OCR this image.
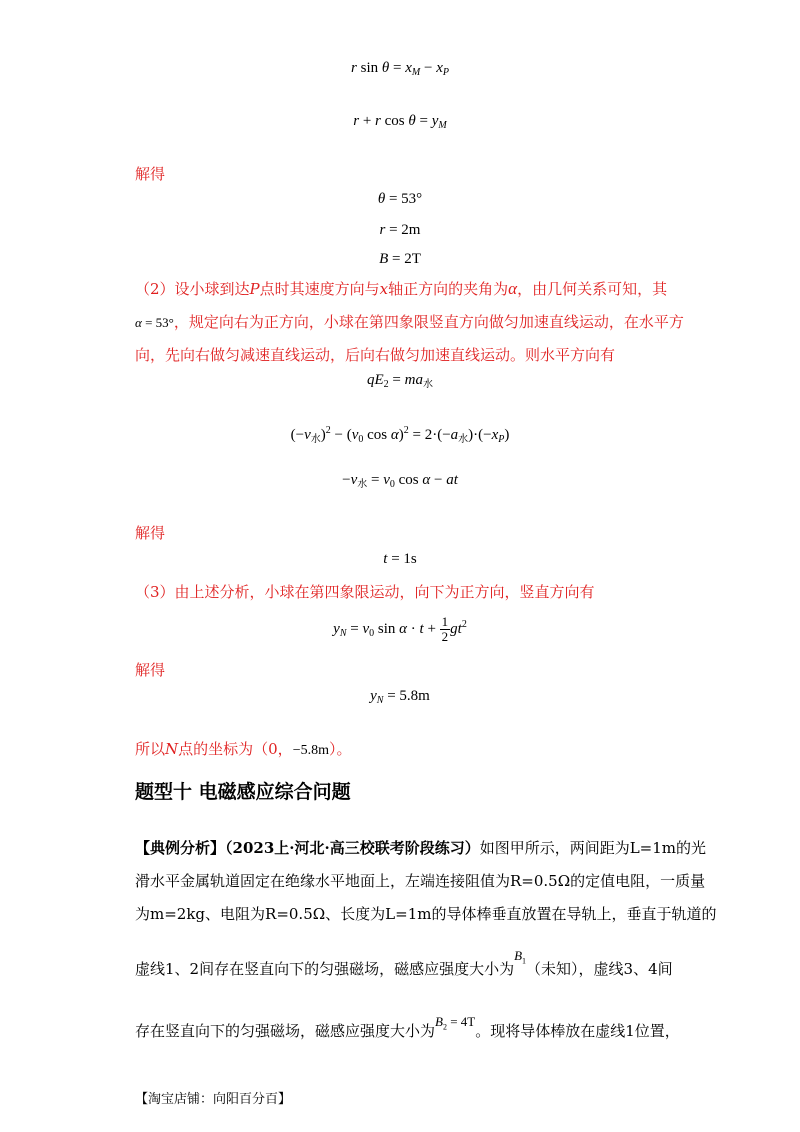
r $\sin \theta = x_M - x_P$
r + r $\cos \theta = y_M$
解得
θ = 53°
r = 2m
B = 2T
（2）设小球到达P点时其速度方向与x轴正方向的夹角为α，由几何关系可知，其
α = 53°，规定向右为正方向，小球在第四象限竖直方向做匀加速直线运动，在水平方
向，先向右做匀减速直线运动，后向右做匀加速直线运动。则水平方向有
$qE_2 = ma_水$
$(-v_水)^2 - (v_0$ $\cos \alpha)^2 = 2\cdot(-a_水)\cdot(-x_P)$
$-v_水 = v_0$ cos α − at
解得
t = 1s
（3）由上述分析，小球在第四象限运动，向下为正方向，竖直方向有
$y_N = v_0$ $\sin \alpha \cdot t + \frac{1}{2} gt^2$
解得
$y_N = 5.8m$
所以N点的坐标为（0，−5.8m）。
题型十 电磁感应综合问题
【典例分析】（2023上·河北·高三校联考阶段练习）如图甲所示，两间距为L=1m的光
滑水平金属轨道固定在绝缘水平地面上，左端连接阻值为R=0.5Ω的定值电阻，一质量
为m=2kg、电阻为R=0.5Ω、长度为L=1m的导体棒垂直放置在导轨上，垂直于轨道的
虚线1、2间存在竖直向下的匀强磁场，磁感应强度大小为$B_1$（未知），虚线3、4间
存在竖直向下的匀强磁场，磁感应强度大小为$B_2 = 4T$。现将导体棒放在虚线1位置，
【淘宝店铺：向阳百分百】
